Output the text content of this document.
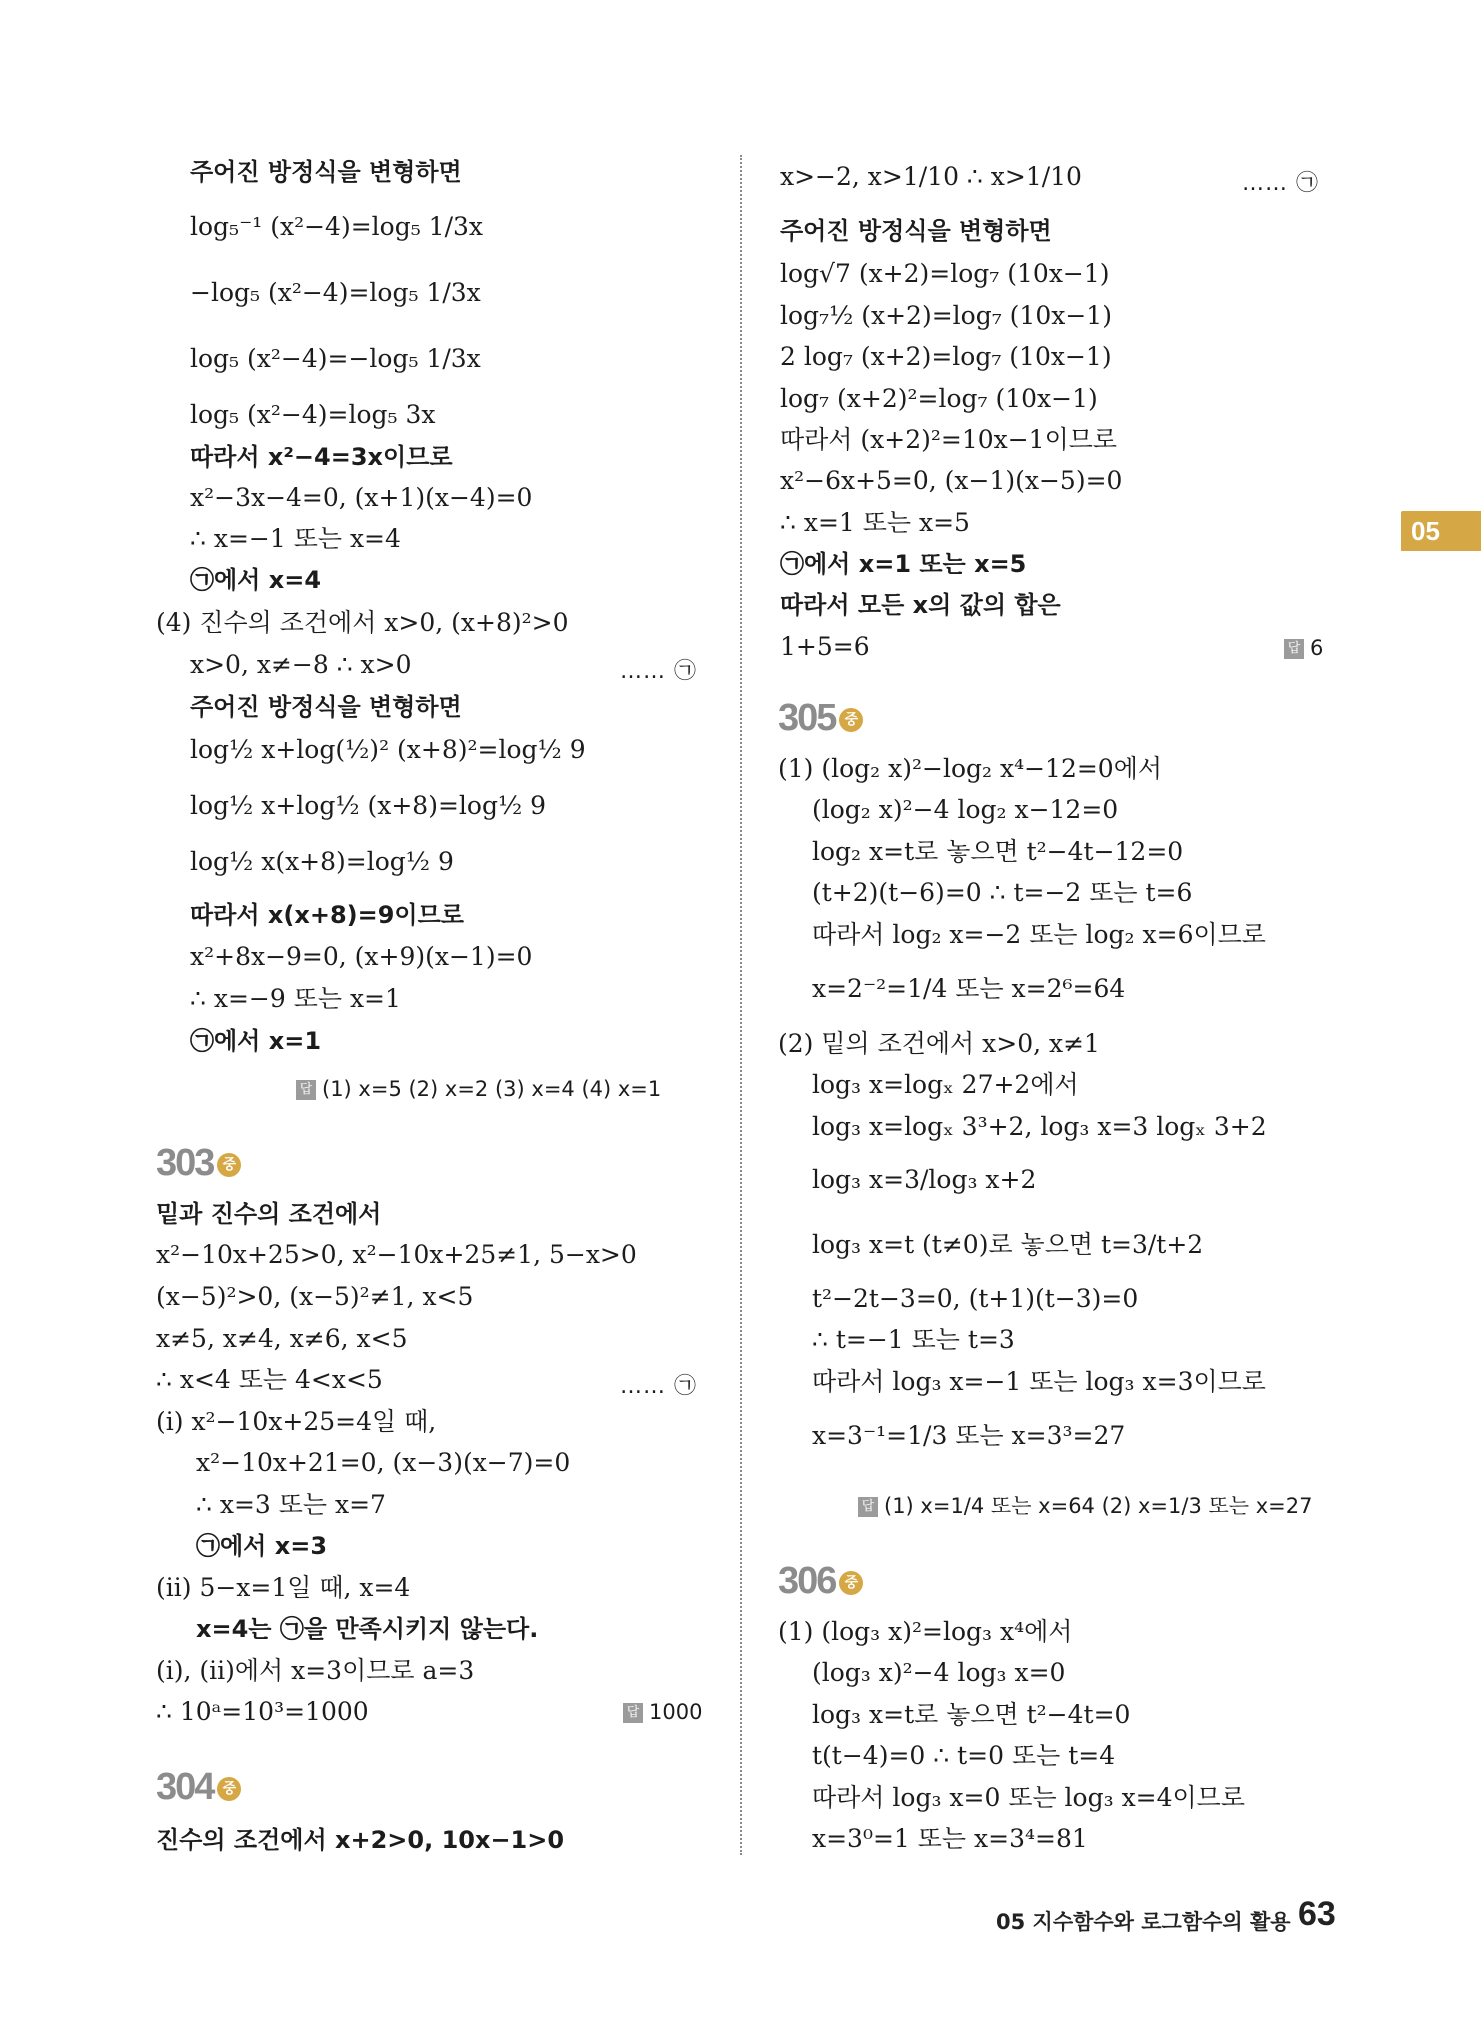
05
주어진 방정식을 변형하면
log₅⁻¹ (x²−4)=log₅ 1/3x
−log₅ (x²−4)=log₅ 1/3x
log₅ (x²−4)=−log₅ 1/3x
log₅ (x²−4)=log₅ 3x
따라서 x²−4=3x이므로
x²−3x−4=0, (x+1)(x−4)=0
∴ x=−1 또는 x=4
㉠에서 x=4
(4) 진수의 조건에서 x>0, (x+8)²>0
x>0, x≠−8 ∴ x>0
주어진 방정식을 변형하면
log½ x+log(½)² (x+8)²=log½ 9
log½ x+log½ (x+8)=log½ 9
log½ x(x+8)=log½ 9
따라서 x(x+8)=9이므로
x²+8x−9=0, (x+9)(x−1)=0
∴ x=−9 또는 x=1
㉠에서 x=1
밑과 진수의 조건에서
x²−10x+25>0, x²−10x+25≠1, 5−x>0
(x−5)²>0, (x−5)²≠1, x<5
x≠5, x≠4, x≠6, x<5
∴ x<4 또는 4<x<5
(i) x²−10x+25=4일 때,
x²−10x+21=0, (x−3)(x−7)=0
∴ x=3 또는 x=7
㉠에서 x=3
(ii) 5−x=1일 때, x=4
x=4는 ㉠을 만족시키지 않는다.
(i), (ii)에서 x=3이므로 a=3
∴ 10ᵃ=10³=1000
진수의 조건에서 x+2>0, 10x−1>0
x>−2, x>1/10 ∴ x>1/10
주어진 방정식을 변형하면
log√7 (x+2)=log₇ (10x−1)
log₇½ (x+2)=log₇ (10x−1)
2 log₇ (x+2)=log₇ (10x−1)
log₇ (x+2)²=log₇ (10x−1)
따라서 (x+2)²=10x−1이므로
x²−6x+5=0, (x−1)(x−5)=0
∴ x=1 또는 x=5
㉠에서 x=1 또는 x=5
따라서 모든 x의 값의 합은
1+5=6
(1) (log₂ x)²−log₂ x⁴−12=0에서
(log₂ x)²−4 log₂ x−12=0
log₂ x=t로 놓으면 t²−4t−12=0
(t+2)(t−6)=0 ∴ t=−2 또는 t=6
따라서 log₂ x=−2 또는 log₂ x=6이므로
x=2⁻²=1/4 또는 x=2⁶=64
(2) 밑의 조건에서 x>0, x≠1
log₃ x=logₓ 27+2에서
log₃ x=logₓ 3³+2, log₃ x=3 logₓ 3+2
log₃ x=3/log₃ x+2
log₃ x=t (t≠0)로 놓으면 t=3/t+2
t²−2t−3=0, (t+1)(t−3)=0
∴ t=−1 또는 t=3
따라서 log₃ x=−1 또는 log₃ x=3이므로
x=3⁻¹=1/3 또는 x=3³=27
(1) (log₃ x)²=log₃ x⁴에서
(log₃ x)²−4 log₃ x=0
log₃ x=t로 놓으면 t²−4t=0
t(t−4)=0 ∴ t=0 또는 t=4
따라서 log₃ x=0 또는 log₃ x=4이므로
x=3⁰=1 또는 x=3⁴=81
…… ㉠
…… ㉠
…… ㉠
303 중
304 중
305 중
306 중
답 (1) x=5 (2) x=2 (3) x=4 (4) x=1
답 1000
답 6
답 (1) x=1/4 또는 x=64 (2) x=1/3 또는 x=27
05 지수함수와 로그함수의 활용 63
